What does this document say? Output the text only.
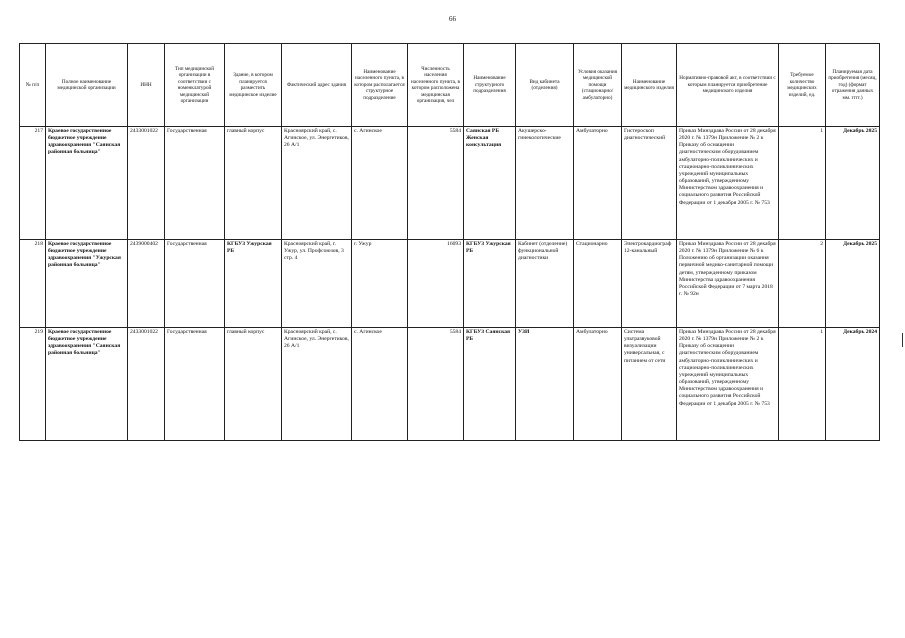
66
№ п/п	Полное наименование медицинской организации	ИНН	Тип медицинской организации в соответствии с номенклатурой медицинской организации	Здание, в котором планируется разместить медицинское изделие	Фактический адрес здания	Наименование населенного пункта, в котором располагается структурное подразделение	Численность населения населенного пункта, в котором расположена медицинская организация, чел	Наименование структурного подразделения	Вид кабинета (отделения)	Условия оказания медицинской помощи (стационарно/ амбулаторно)	Наименование медицинского изделия	Нормативно-правовой акт, в соответствии с которым планируется приобретение медицинского изделия	Требуемое количество медицинских изделий, ед.	Планируемая дата приобретения (месяц, год) (формат отражения данных мм. гггг.)
217	Краевое государственное бюджетное учреждение здравоохранения "Саянская районная больница"	2433001022	Государственная	главный корпус	Красноярский край, с. Агинское, ул. Энергетиков, 26 А/1	с. Агинское	5584	Саянская РБ Женская консультация	Акушерско-гинекологические	Амбулаторно	Гистероскоп диагностический	Приказ Минздрава России от 28 декабря 2020 г. № 1379н Приложение № 2 к Приказу об оснащении диагностическим оборудованием амбулаторно-поликлинических и стационарно-поликлинических учреждений муниципальных образований, утвержденному Министерством здравоохранения и социального развития Российской Федерации от 1 декабря 2005 г. № 753	1	Декабрь 2025
218	Краевое государственное бюджетное учреждение здравоохранения "Ужурская районная больница"	2439000402	Государственная	КГБУЗ Ужурская РБ	Красноярский край, г. Ужур, ул. Профсоюзов, 3 стр. 4	г. Ужур	16093	КГБУЗ Ужурская РБ	Кабинет (отделение) функциональной диагностики	Стационарно	Электрокардиограф 12-канальный	Приказ Минздрава России от 28 декабря 2020 г. № 1379н Приложение № 6 к Положению об организации оказания первичной медико-санитарной помощи детям, утвержденному приказом Министерства здравоохранения Российской Федерации от 7 марта 2018 г. № 92н	2	Декабрь 2025
219	Краевое государственное бюджетное учреждение здравоохранения "Саянская районная больница"	2433001022	Государственная	главный корпус	Красноярский край, с. Агинское, ул. Энергетиков, 26 А/1	с. Агинское	5584	КГБУЗ Саянская РБ	УЗИ	Амбулаторно	Система ультразвуковой визуализации универсальная, с питанием от сети	Приказ Минздрава России от 28 декабря 2020 г. № 1379н Приложение № 2 к Приказу об оснащении диагностическим оборудованием амбулаторно-поликлинических и стационарно-поликлинических учреждений муниципальных образований, утвержденному Министерством здравоохранения и социального развития Российской Федерации от 1 декабря 2005 г. № 753	1	Декабрь 2024
